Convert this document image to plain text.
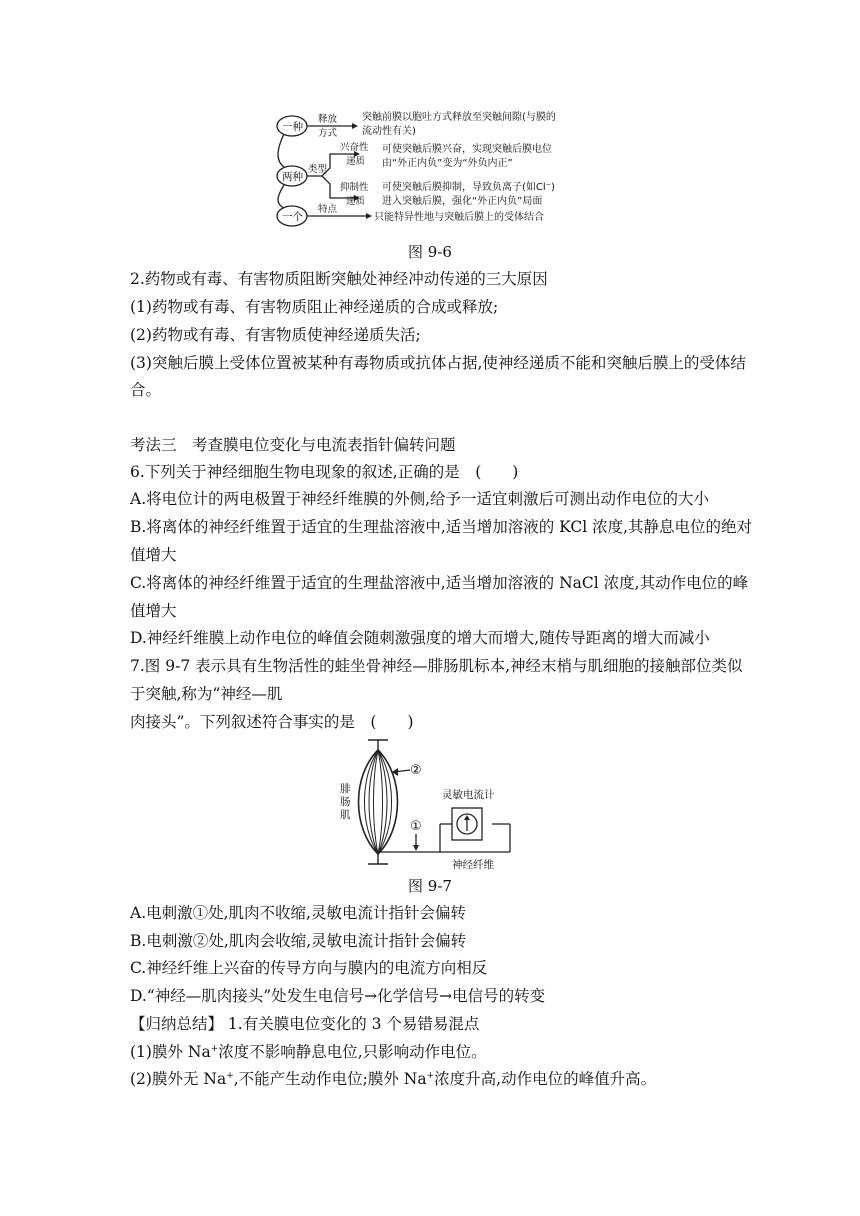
一种
两种
一个
释放
方式
突触前膜以胞吐方式释放至突触间隙(与膜的
流动性有关)
类型
兴奋性
递质
可使突触后膜兴奋，实现突触后膜电位
由“外正内负”变为“外负内正”
抑制性
递质
可使突触后膜抑制，导致负离子(如Cl⁻)
进入突触后膜，强化“外正内负”局面
特点
只能特异性地与突触后膜上的受体结合
图 9-6
2.药物或有毒、有害物质阻断突触处神经冲动传递的三大原因
(1)药物或有毒、有害物质阻止神经递质的合成或释放;
(2)药物或有毒、有害物质使神经递质失活;
(3)突触后膜上受体位置被某种有毒物质或抗体占据,使神经递质不能和突触后膜上的受体结
合。
考法三　考查膜电位变化与电流表指针偏转问题
6.下列关于神经细胞生物电现象的叙述,正确的是　(　　)
A.将电位计的两电极置于神经纤维膜的外侧,给予一适宜刺激后可测出动作电位的大小
B.将离体的神经纤维置于适宜的生理盐溶液中,适当增加溶液的 KCl 浓度,其静息电位的绝对
值增大
C.将离体的神经纤维置于适宜的生理盐溶液中,适当增加溶液的 NaCl 浓度,其动作电位的峰
值增大
D.神经纤维膜上动作电位的峰值会随刺激强度的增大而增大,随传导距离的增大而减小
7.图 9-7 表示具有生物活性的蛙坐骨神经—腓肠肌标本,神经末梢与肌细胞的接触部位类似
于突触,称为“神经—肌
肉接头”。下列叙述符合事实的是　(　　)
腓
肠
肌
②
①
灵敏电流计
神经纤维
图 9-7
A.电刺激①处,肌肉不收缩,灵敏电流计指针会偏转
B.电刺激②处,肌肉会收缩,灵敏电流计指针会偏转
C.神经纤维上兴奋的传导方向与膜内的电流方向相反
D.“神经—肌肉接头”处发生电信号→化学信号→电信号的转变
【归纳总结】 1.有关膜电位变化的 3 个易错易混点
(1)膜外 Na+浓度不影响静息电位,只影响动作电位。
(2)膜外无 Na+,不能产生动作电位;膜外 Na+浓度升高,动作电位的峰值升高。
